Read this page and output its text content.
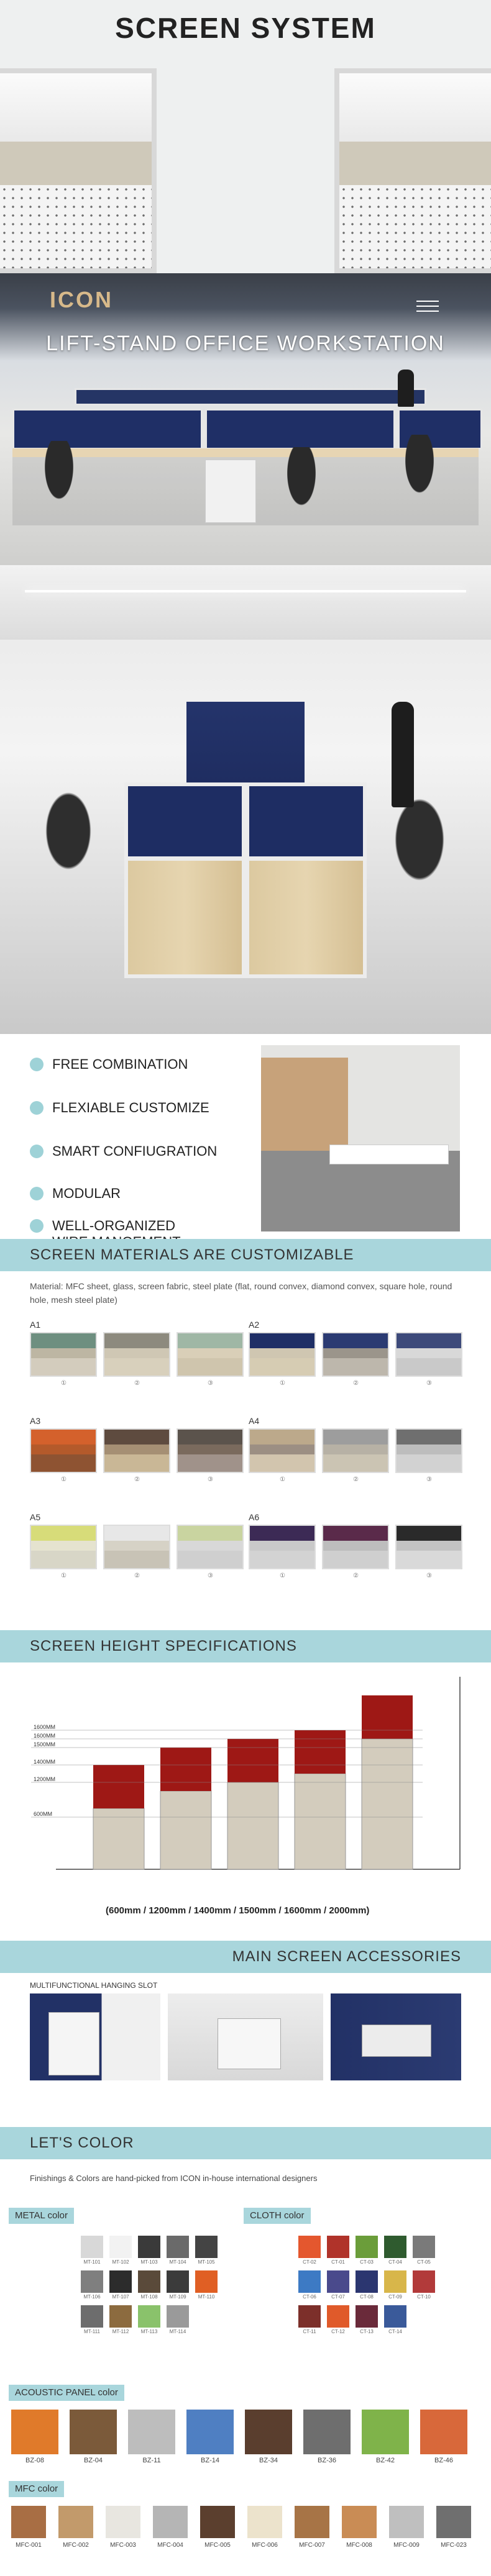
SCREEN SYSTEM
ICON
LIFT-STAND OFFICE WORKSTATION
FREE COMBINATION
FLEXIABLE CUSTOMIZE
SMART CONFIUGRATION
MODULAR
WELL-ORGANIZED

SCREEN MATERIALS ARE CUSTOMIZABLE
Material: MFC sheet, glass, screen fabric, steel plate (flat, round convex, diamond convex, square hole, round hole, mesh steel plate)
A1
①	②	③
A2
①	②	③
A3
①	②	③
A4
①	②	③
A5
①	②	③
A6
①	②	③
SCREEN HEIGHT SPECIFICATIONS
1600MM
1600MM
1500MM
1400MM
1200MM
600MM
(600mm / 1200mm / 1400mm / 1500mm / 1600mm / 2000mm)
MAIN SCREEN ACCESSORIES
MULTIFUNCTIONAL HANGING SLOT
LET'S COLOR
Finishings & Colors are hand-picked from ICON in-house international designers
METAL color	CLOTH color
MT-101	MT-102	MT-103	MT-104	MT-105
MT-106	MT-107	MT-108	MT-109	MT-110
MT-111	MT-112	MT-113	MT-114
CT-02	CT-01	CT-03	CT-04	CT-05
CT-06	CT-07	CT-08	CT-09	CT-10
CT-11	CT-12	CT-13	CT-14
ACOUSTIC PANEL color
BZ-08	BZ-04	BZ-11	BZ-14	BZ-34	BZ-36	BZ-42	BZ-46
MFC color
MFC-001	MFC-002	MFC-003	MFC-004	MFC-005	MFC-006	MFC-007	MFC-008	MFC-009	MFC-023
